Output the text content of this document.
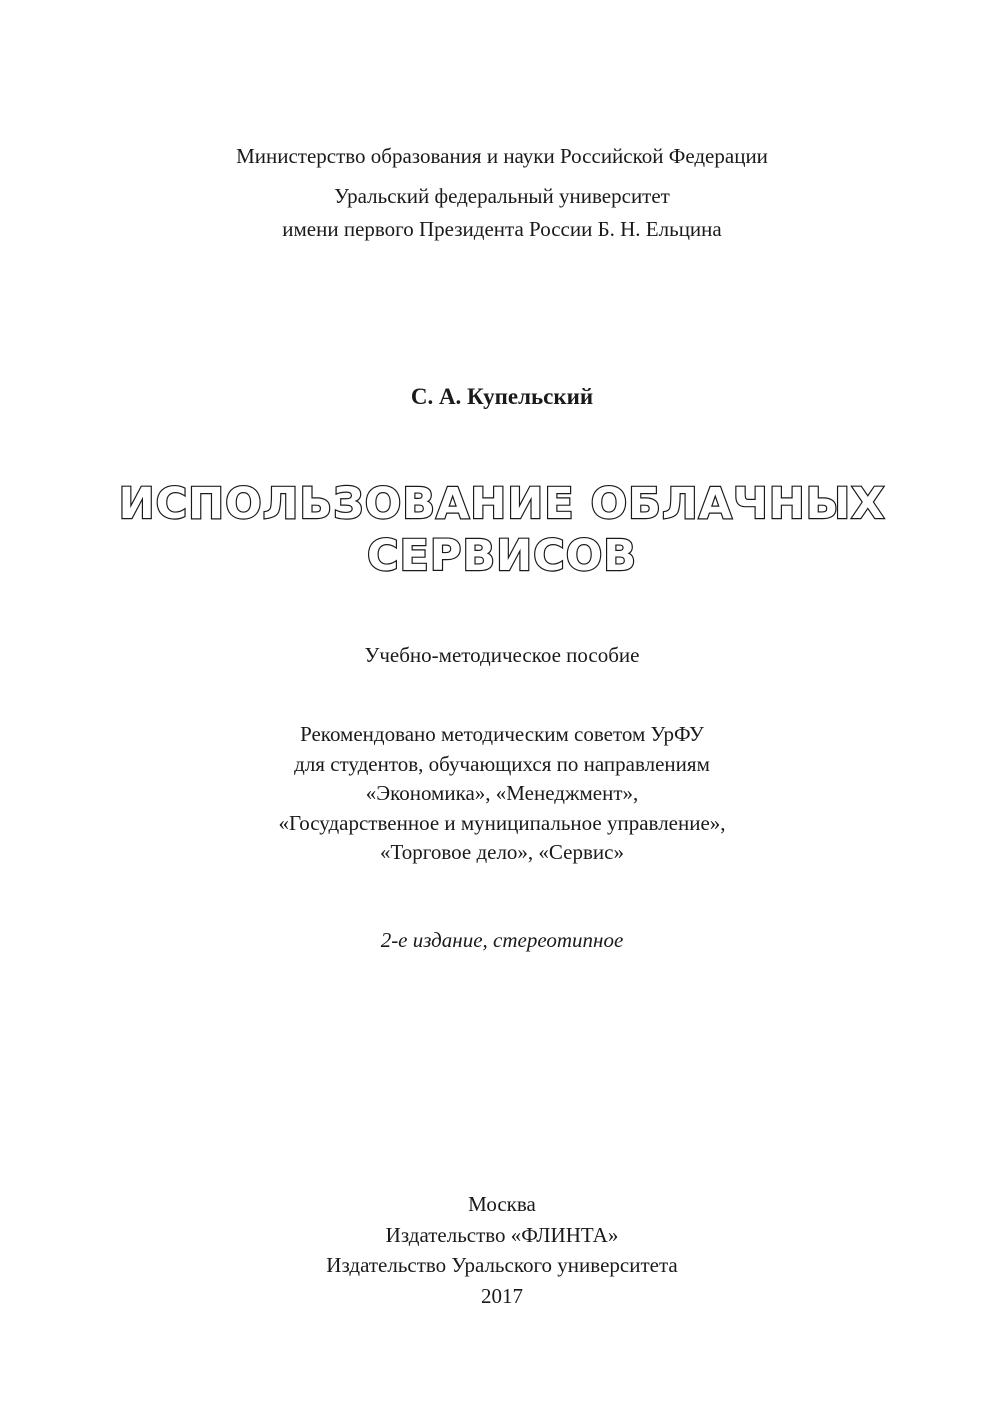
Министерство образования и науки Российской Федерации
Уральский федеральный университет
имени первого Президента России Б. Н. Ельцина
С. А. Купельский
ИСПОЛЬЗОВАНИЕ ОБЛАЧНЫХ
СЕРВИСОВ
Учебно-методическое пособие
Рекомендовано методическим советом УрФУ
для студентов, обучающихся по направлениям
«Экономика», «Менеджмент»,
«Государственное и муниципальное управление»,
«Торговое дело», «Сервис»
2-е издание, стереотипное
Москва
Издательство «ФЛИНТА»
Издательство Уральского университета
2017
